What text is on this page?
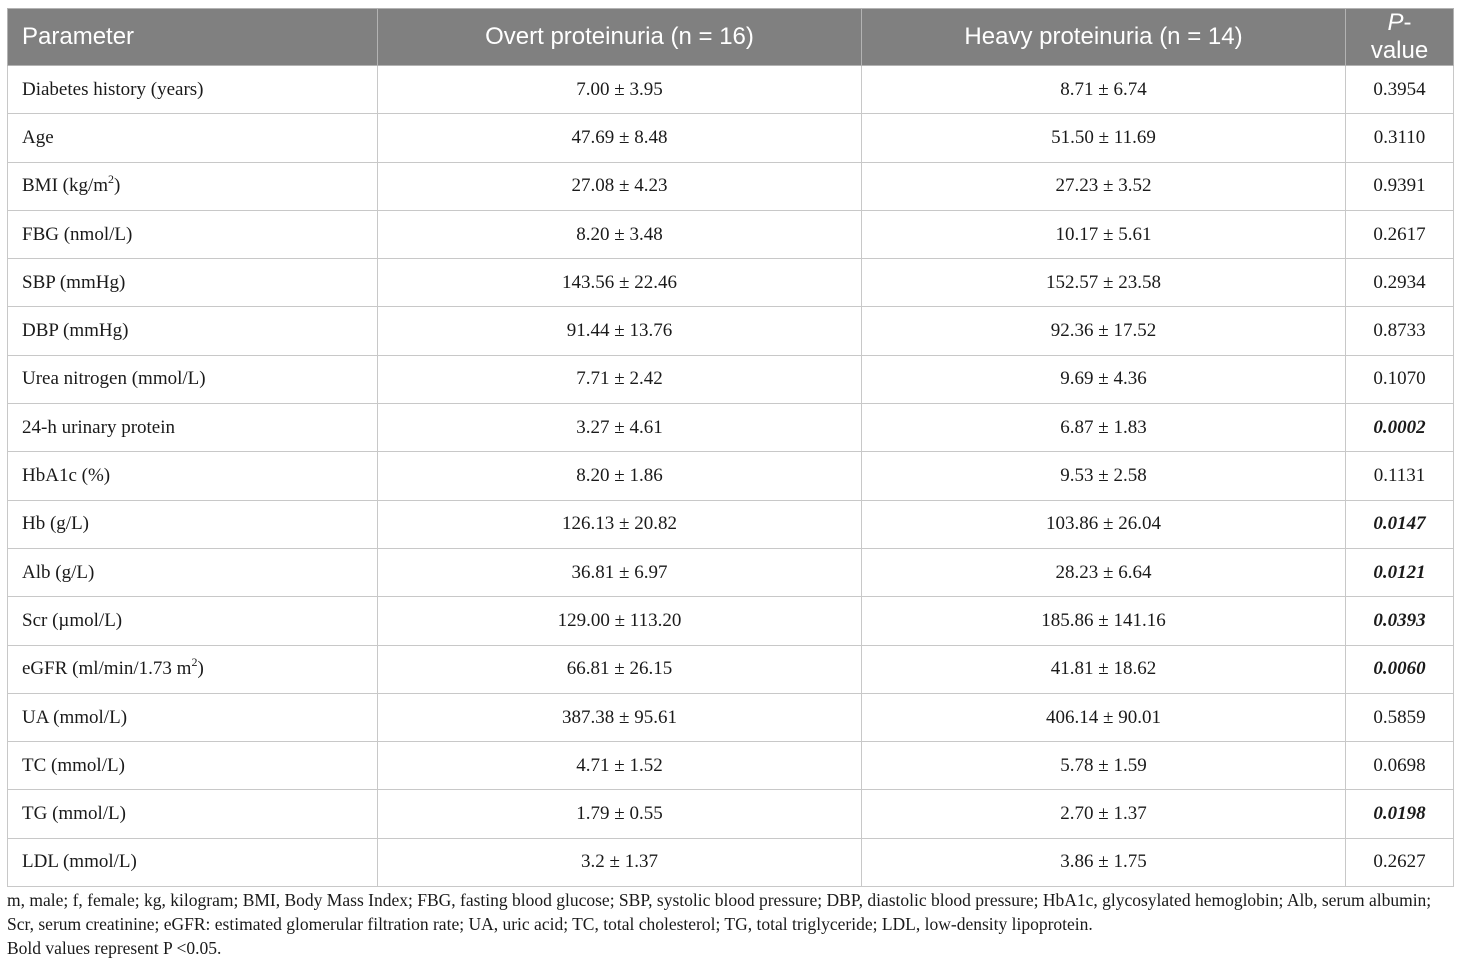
Parameter	Overt proteinuria (n = 16)	Heavy proteinuria (n = 14)	P-value
Diabetes history (years)	7.00 ± 3.95	8.71 ± 6.74	0.3954
Age	47.69 ± 8.48	51.50 ± 11.69	0.3110
BMI $(kg/m^2)$	27.08 ± 4.23	27.23 ± 3.52	0.9391
FBG (nmol/L)	8.20 ± 3.48	10.17 ± 5.61	0.2617
SBP (mmHg)	143.56 ± 22.46	152.57 ± 23.58	0.2934
DBP (mmHg)	91.44 ± 13.76	92.36 ± 17.52	0.8733
Urea nitrogen (mmol/L)	7.71 ± 2.42	9.69 ± 4.36	0.1070
24-h urinary protein	3.27 ± 4.61	6.87 ± 1.83	0.0002
HbA1c (%)	8.20 ± 1.86	9.53 ± 2.58	0.1131
Hb (g/L)	126.13 ± 20.82	103.86 ± 26.04	0.0147
Alb (g/L)	36.81 ± 6.97	28.23 ± 6.64	0.0121
Scr (µmol/L)	129.00 ± 113.20	185.86 ± 141.16	0.0393
eGFR (ml/min/1.73 $m^2$)	66.81 ± 26.15	41.81 ± 18.62	0.0060
UA (mmol/L)	387.38 ± 95.61	406.14 ± 90.01	0.5859
TC (mmol/L)	4.71 ± 1.52	5.78 ± 1.59	0.0698
TG (mmol/L)	1.79 ± 0.55	2.70 ± 1.37	0.0198
LDL (mmol/L)	3.2 ± 1.37	3.86 ± 1.75	0.2627
m, male; f, female; kg, kilogram; BMI, Body Mass Index; FBG, fasting blood glucose; SBP, systolic blood pressure; DBP, diastolic blood pressure; HbA1c, glycosylated hemoglobin; Alb, serum albumin; Scr, serum creatinine; eGFR: estimated glomerular filtration rate; UA, uric acid; TC, total cholesterol; TG, total triglyceride; LDL, low-density lipoprotein.
Bold values represent P <0.05.
